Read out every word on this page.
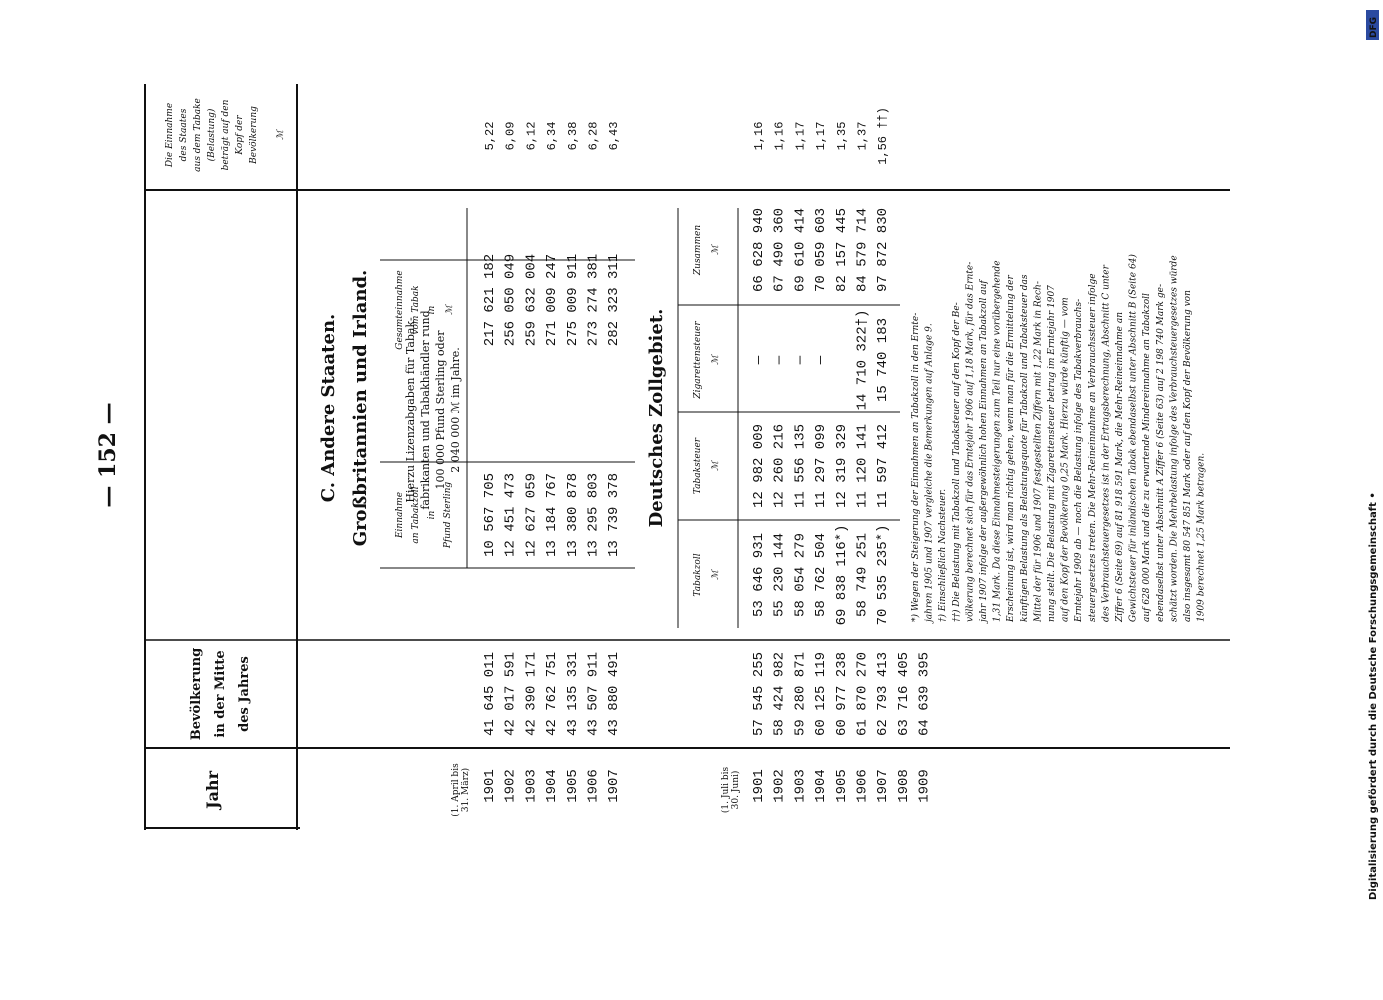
— 152 —
Digitalisierung gefördert durch die Deutsche Forschungsgemeinschaft •
DFG
Jahr
Bevölkerung in der Mitte des Jahres
Die Einnahme des Staates aus dem Tabake (Belastung) beträgt auf den Kopf der Bevölkerung ℳ
C. Andere Staaten. Großbritannien und Irland.
(1. April bis 31. März)
Einnahme an Tabakzoll in Pfund Sterling
Gesamteinnahme vom Tabak in ℳ
Hierzu Lizenzabgaben für Tabak- fabrikanten und Tabakhändler rund 100 000 Pfund Sterling oder 2 040 000 ℳ im Jahre.
1901
41 645 011
10 567 705
217 621 182
5,22
1902
42 017 591
12 451 473
256 050 049
6,09
1903
42 390 171
12 627 059
259 632 004
6,12
1904
42 762 751
13 184 767
271 009 247
6,34
1905
43 135 331
13 380 878
275 009 911
6,38
1906
43 507 911
13 295 803
273 274 381
6,28
1907
43 880 491
13 739 378
282 323 311
6,43
Deutsches Zollgebiet.
(1. Juli bis 30. Juni)
Tabakzoll ℳ
Tabaksteuer ℳ
Zigarettensteuer ℳ
Zusammen ℳ
1901
57 545 255
53 646 931
12 982 009
—
66 628 940
1,16
1902
58 424 982
55 230 144
12 260 216
—
67 490 360
1,16
1903
59 280 871
58 054 279
11 556 135
—
69 610 414
1,17
1904
60 125 119
58 762 504
11 297 099
—
70 059 603
1,17
1905
60 977 238
69 838 116*)
12 319 329
82 157 445
1,35
1906
61 870 270
58 749 251
11 120 141
14 710 322†)
84 579 714
1,37
1907
62 793 413
70 535 235*)
11 597 412
15 740 183
97 872 830
1,56 ††)
1908
63 716 405
1909
64 639 395
*) Wegen der Steigerung der Einnahmen an Tabakzoll in den Ernte- jahren 1905 und 1907 vergleiche die Bemerkungen auf Anlage 9. †) Einschließlich Nachsteuer. ††) Die Belastung mit Tabakzoll und Tabaksteuer auf den Kopf der Be- völkerung berechnet sich für das Erntejahr 1906 auf 1,18 Mark, für das Ernte- jahr 1907 infolge der außergewöhnlich hohen Einnahmen an Tabakzoll auf 1,31 Mark. Da diese Einnahmesteigerungen zum Teil nur eine vorübergehende Erscheinung ist, wird man richtig gehen, wenn man für die Ermittelung der künftigen Belastung als Belastungsquote für Tabakzoll und Tabaksteuer das Mittel der für 1906 und 1907 festgestellten Ziffern mit 1,22 Mark in Rech- nung stellt. Die Belastung mit Zigarettensteuer betrug im Erntejahr 1907 auf den Kopf der Bevölkerung 0,25 Mark. Hierzu würde künftig — vom Erntejahr 1909 ab — noch die Belastung infolge des Tabakverbrauchs- steuergesetzes treten. Die Mehr-Reineinnahme an Verbrauchssteuer infolge des Verbrauchsteuergesetzes ist in der Ertragsberechnung, Abschnitt C unter Ziffer 6 (Seite 69) auf 81 918 591 Mark, die Mehr-Reineinnahme an Gewichtsteuer für inländischen Tabak ebendaselbst unter Abschnitt B (Seite 64) auf 628 000 Mark und die zu erwartende Mindereinnahme an Tabakzoll ebendaselbst unter Abschnitt A Ziffer 6 (Seite 63) auf 2 198 740 Mark ge- schätzt worden. Die Mehrbelastung infolge des Verbrauchsteuergesetzes würde also insgesamt 80 547 851 Mark oder auf den Kopf der Bevölkerung von 1909 berechnet 1,25 Mark betragen.
